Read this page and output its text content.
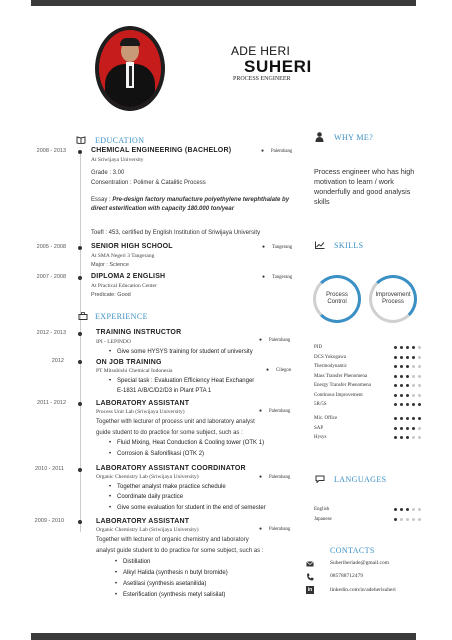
ADE HERI
SUHERI
PROCESS ENGINEER
EDUCATION
2008 - 2013	CHEMICAL ENGINEERING (BACHELOR)
At Sriwijaya University
● Palembang
Grade : 3.00
Consentration : Polimer & Catalitic Process
Essay : Pre-design factory manufacture polyethylene terephthalate by direct esterification with capacity 180.000 ton/year
Toefl : 453, certified by English Institution of Sriwijaya University
2005 - 2008	SENIOR HIGH SCHOOL
At SMA Negeri 3 Tangerang
Major : Science
● Tangerang
2007 - 2008	DIPLOMA 2 ENGLISH
At Practical Education Center
Predicate: Good
● Tangerang
EXPERIENCE
2012 - 2013	TRAINING INSTRUCTOR
IPI - LEPINDO	● Palembang
• Give some HYSYS training for student of university
2012	ON JOB TRAINING
PT Mitsubishi Chemical Indonesia	● Cilegon
• Special task : Evaluation Efficiency Heat Exchanger
E-1831 A/B/C/D2/D3 in Plant PTA 1
2011 - 2012	LABORATORY ASSISTANT
Process Unit Lab (Sriwijaya University)	● Palembang
Together with lecturer of process unit and laboratory analyst
guide student to do practice for some subject, such as :
• Fluid Mixing, Heat Conduction & Cooling tower (OTK 1)
• Corrosion & Safonifikasi (OTK 2)
2010 - 2011	LABORATORY ASSISTANT COORDINATOR
Organic Chemistry Lab (Sriwijaya University)	● Palembang
• Together analyst make practice schedule
• Coordinate daily practice
• Give some evaluation for student in the end of semester
2009 - 2010	LABORATORY ASSISTANT
Organic Chemistry Lab (Sriwijaya University)	● Palembang
Together with lecturer of organic chemistry and laboratory
analyst guide student to do practice for some subject, such as :
• Distillation
• Alkyl Halida (synthesis n butyl bromide)
• Asetilasi (synthesis asetanilida)
• Esterification (synthesis metyl salisilat)
WHY ME?
Process engineer who has high motivation to learn / work wonderfully and good analysis skills
SKILLS
Process Control
Improvement Process
PID
DCS Yokogawa
Thermodynamic
Mass Transfer Phenomena
Energy Transfer Phenomena
Continous Improvement
5R/5S
Mic. Office
SAP
Hysys
LANGUAGES
English
Japanese
CONTACTS
Suheriheriade@gmail.com
085788712479
in	linkedin.com/in/adeherisuheri
